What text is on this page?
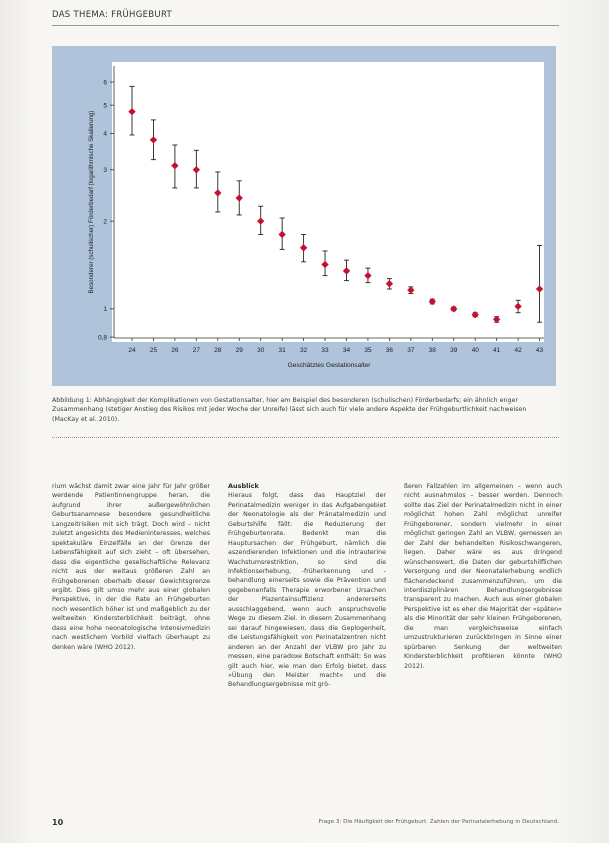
DAS THEMA: FRÜHGEBURT
Besonderer (schulischer) Förderbedarf (logarithmische Skalierung)
Geschätztes Gestationsalter
6
5
4
3
2
1
0,8
24 25 26 27 28 29 30 31 32 33 34 35 36 37 38 39 40 41 42 43
Abbildung 1: Abhängigkeit der Komplikationen von Gestationsalter, hier am Beispiel des besonderen (schulischen) Förderbedarfs; ein ähnlich enger Zusammenhang (stetiger Anstieg des Risikos mit jeder Woche der Unreife) lässt sich auch für viele andere Aspekte der Frühgeburtlichkeit nachweisen (MacKay et al. 2010).

rium wächst damit zwar eine Jahr für Jahr größer werdende Patientinnengruppe heran, die aufgrund ihrer außergewöhnlichen Geburtsanamnese besondere gesundheitliche Langzeitrisiken mit sich trägt. Doch wird – nicht zuletzt angesichts des Medieninteresses, welches spektakuläre Einzelfälle an der Grenze der Lebensfähigkeit auf sich zieht – oft übersehen, dass die eigentliche gesellschaftliche Relevanz nicht aus der weitaus größeren Zahl an Frühgeborenen oberhalb dieser Gewichtsgrenze ergibt. Dies gilt umso mehr aus einer globalen Perspektive, in der die Rate an Frühgeburten noch wesentlich höher ist und maßgeblich zu der weltweiten Kindersterblichkeit beiträgt, ohne dass eine hohe neonatologische Intensivmedizin nach westlichem Vorbild vielfach überhaupt zu denken wäre (WHO 2012).

Ausblick

Hieraus folgt, dass das Hauptziel der Perinatalmedizin weniger in das Aufgabengebiet der Neonatologie als der Pränatalmedizin und Geburtshilfe fällt: die Reduzierung der Frühgeburtenrate. Bedenkt man die Hauptursachen der Frühgeburt, nämlich die aszendierenden Infektionen und die intrauterine Wachstumsrestriktion, so sind die Infektionserhebung, -früherkennung und -behandlung einerseits sowie die Prävention und gegebenenfalls Therapie erworbener Ursachen der Plazentainsuffizienz andererseits ausschlaggebend, wenn auch anspruchsvolle Wege zu diesem Ziel. In diesem Zusammenhang sei darauf hingewiesen, dass die Geplogenheit, die Leistungsfähigkeit von Perinatalzentren nicht anderen an der Anzahl der VLBW pro Jahr zu messen, eine paradoxe Botschaft enthält: So was gilt auch hier, wie man den Erfolg bietet, dass »Übung den Meister macht« und die Behandlungsergebnisse mit grö-

ßeren Fallzahlen im allgemeinen – wenn auch nicht ausnahmslos – besser werden. Dennoch sollte das Ziel der Perinatalmedizin nicht in einer möglichst hohen Zahl möglichst unreifer Frühgeborener, sondern vielmehr in einer möglichst geringen Zahl an VLBW, gemessen an der Zahl der behandelten Risikoschwangeren, liegen. Daher wäre es aus dringend wünschenswert, die Daten der geburtshilflichen Versorgung und der Neonatalerhebung endlich flächendeckend zusammenzuführen, um die interdisziplinären Behandlungsergebnisse transparent zu machen. Auch aus einer globalen Perspektive ist es eher die Majorität der »späten« als die Minorität der sehr kleinen Frühgeborenen, die man vergleichsweise einfach umzustrukturieren zurückbringen in Sinne einer spürbaren Senkung der weltweiten Kindersterblichkeit profitieren könnte (WHO 2012).

10	Frage 3: Die Häufigkeit der Frühgeburt. Zahlen der Perinatalerhebung in Deutschland.
